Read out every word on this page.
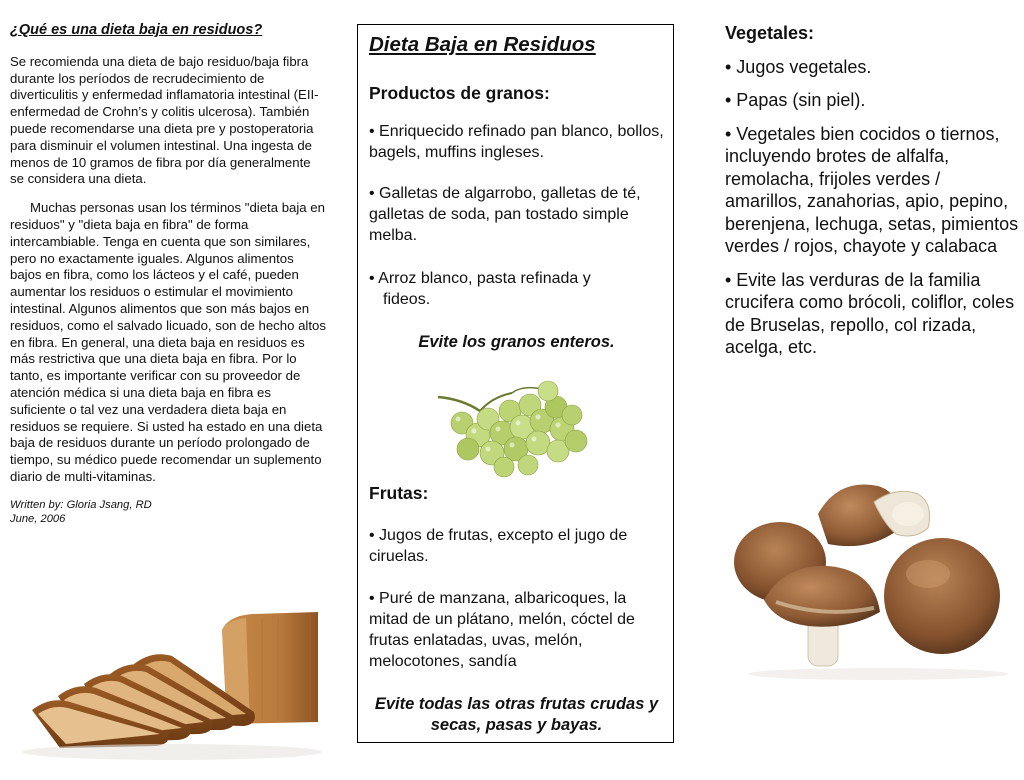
¿Qué es una dieta baja en residuos?

Se recomienda una dieta de bajo residuo/baja fibra durante los períodos de recrudecimiento de diverticulitis y enfermedad inflamatoria intestinal (EII-enfermedad de Crohn’s y colitis ulcerosa). También puede recomendarse una dieta pre y postoperatoria para disminuir el volumen intestinal. Una ingesta de menos de 10 gramos de fibra por día generalmente se considera una dieta.

Muchas personas usan los términos "dieta baja en residuos" y "dieta baja en fibra" de forma intercambiable. Tenga en cuenta que son similares, pero no exactamente iguales. Algunos alimentos bajos en fibra, como los lácteos y el café, pueden aumentar los residuos o estimular el movimiento intestinal. Algunos alimentos que son más bajos en residuos, como el salvado licuado, son de hecho altos en fibra. En general, una dieta baja en residuos es más restrictiva que una dieta baja en fibra. Por lo tanto, es importante verificar con su proveedor de atención médica si una dieta baja en fibra es suficiente o tal vez una verdadera dieta baja en residuos se requiere. Si usted ha estado en una dieta baja de residuos durante un período prolongado de tiempo, su médico puede recomendar un suplemento diario de multi-vitaminas.

Written by: Gloria Jsang, RD
June, 2006
Dieta Baja en Residuos
Productos de granos:
• Enriquecido refinado pan blanco, bollos, bagels, muffins ingleses.
• Galletas de algarrobo, galletas de té, galletas de soda, pan tostado simple melba.
• Arroz blanco, pasta refinada y
fideos.
Evite los granos enteros.
Frutas:
• Jugos de frutas, excepto el jugo de ciruelas.
• Puré de manzana, albaricoques, la mitad de un plátano, melón, cóctel de frutas enlatadas, uvas, melón, melocotones, sandía
Evite todas las otras frutas crudas y
secas, pasas y bayas.
Vegetales:
• Jugos vegetales.
• Papas (sin piel).
• Vegetales bien cocidos o tiernos, incluyendo brotes de alfalfa, remolacha, frijoles verdes / amarillos, zanahorias, apio, pepino, berenjena, lechuga, setas, pimientos verdes / rojos, chayote y calabaca
• Evite las verduras de la familia crucifera como brócoli, coliflor, coles de Bruselas, repollo, col rizada, acelga, etc.
